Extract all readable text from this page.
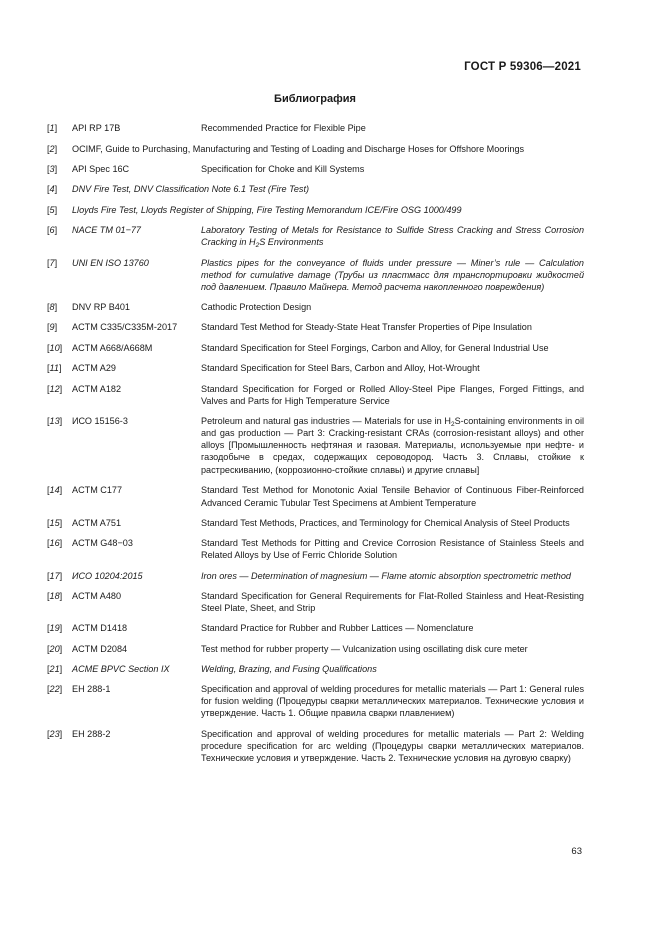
ГОСТ Р 59306—2021
Библиография
[1]	API RP 17B	Recommended Practice for Flexible Pipe
[2]	OCIMF, Guide to Purchasing, Manufacturing and Testing of Loading and Discharge Hoses for Offshore Moorings
[3]	API Spec 16C	Specification for Choke and Kill Systems
[4]	DNV Fire Test, DNV Classification Note 6.1 Test (Fire Test)
[5]	Lloyds Fire Test, Lloyds Register of Shipping, Fire Testing Memorandum ICE/Fire OSG 1000/499
[6]	NACE TM 01−77	Laboratory Testing of Metals for Resistance to Sulfide Stress Cracking and Stress Corrosion Cracking in $H_2S$ Environments
[7]	UNI EN ISO 13760	Plastics pipes for the conveyance of fluids under pressure — Miner’s rule — Calculation method for cumulative damage (Трубы из пластмасс для транспортировки жидкостей под давлением. Правило Майнера. Метод расчета накопленного повреждения)
[8]	DNV RP B401	Cathodic Protection Design
[9]	ACTM C335/C335M-2017	Standard Test Method for Steady-State Heat Transfer Properties of Pipe Insulation
[10]	ACTM A668/A668M	Standard Specification for Steel Forgings, Carbon and Alloy, for General Industrial Use
[11]	ACTM A29	Standard Specification for Steel Bars, Carbon and Alloy, Hot-Wrought
[12]	ACTM A182	Standard Specification for Forged or Rolled Alloy-Steel Pipe Flanges, Forged Fittings, and Valves and Parts for High Temperature Service
[13]	ИСО 15156-3	Petroleum and natural gas industries — Materials for use in $H_2S$-containing environments in oil and gas production — Part 3: Cracking-resistant CRAs (corrosion-resistant alloys) and other alloys [Промышленность нефтяная и газовая. Материалы, используемые при нефте- и газодобыче в средах, содержащих сероводород. Часть 3. Сплавы, стойкие к растрескиванию, (коррозионно-стойкие сплавы) и другие сплавы]
[14]	ACTM C177	Standard Test Method for Monotonic Axial Tensile Behavior of Continuous Fiber-Reinforced Advanced Ceramic Tubular Test Specimens at Ambient Temperature
[15]	ACTM A751	Standard Test Methods, Practices, and Terminology for Chemical Analysis of Steel Products
[16]	ACTM G48−03	Standard Test Methods for Pitting and Crevice Corrosion Resistance of Stainless Steels and Related Alloys by Use of Ferric Chloride Solution
[17]	ИСО 10204:2015	Iron ores — Determination of magnesium — Flame atomic absorption spectrometric method
[18]	ACTM A480	Standard Specification for General Requirements for Flat-Rolled Stainless and Heat-Resisting Steel Plate, Sheet, and Strip
[19]	ACTM D1418	Standard Practice for Rubber and Rubber Lattices — Nomenclature
[20]	ACTM D2084	Test method for rubber property — Vulcanization using oscillating disk cure meter
[21]	ACME BPVC Section IX	Welding, Brazing, and Fusing Qualifications
[22]	EH 288-1	Specification and approval of welding procedures for metallic materials — Part 1: General rules for fusion welding (Процедуры сварки металлических материалов. Технические условия и утверждение. Часть 1. Общие правила сварки плавлением)
[23]	EH 288-2	Specification and approval of welding procedures for metallic materials — Part 2: Welding procedure specification for arc welding (Процедуры сварки металлических материалов. Технические условия и утверждение. Часть 2. Технические условия на дуговую сварку)
63
